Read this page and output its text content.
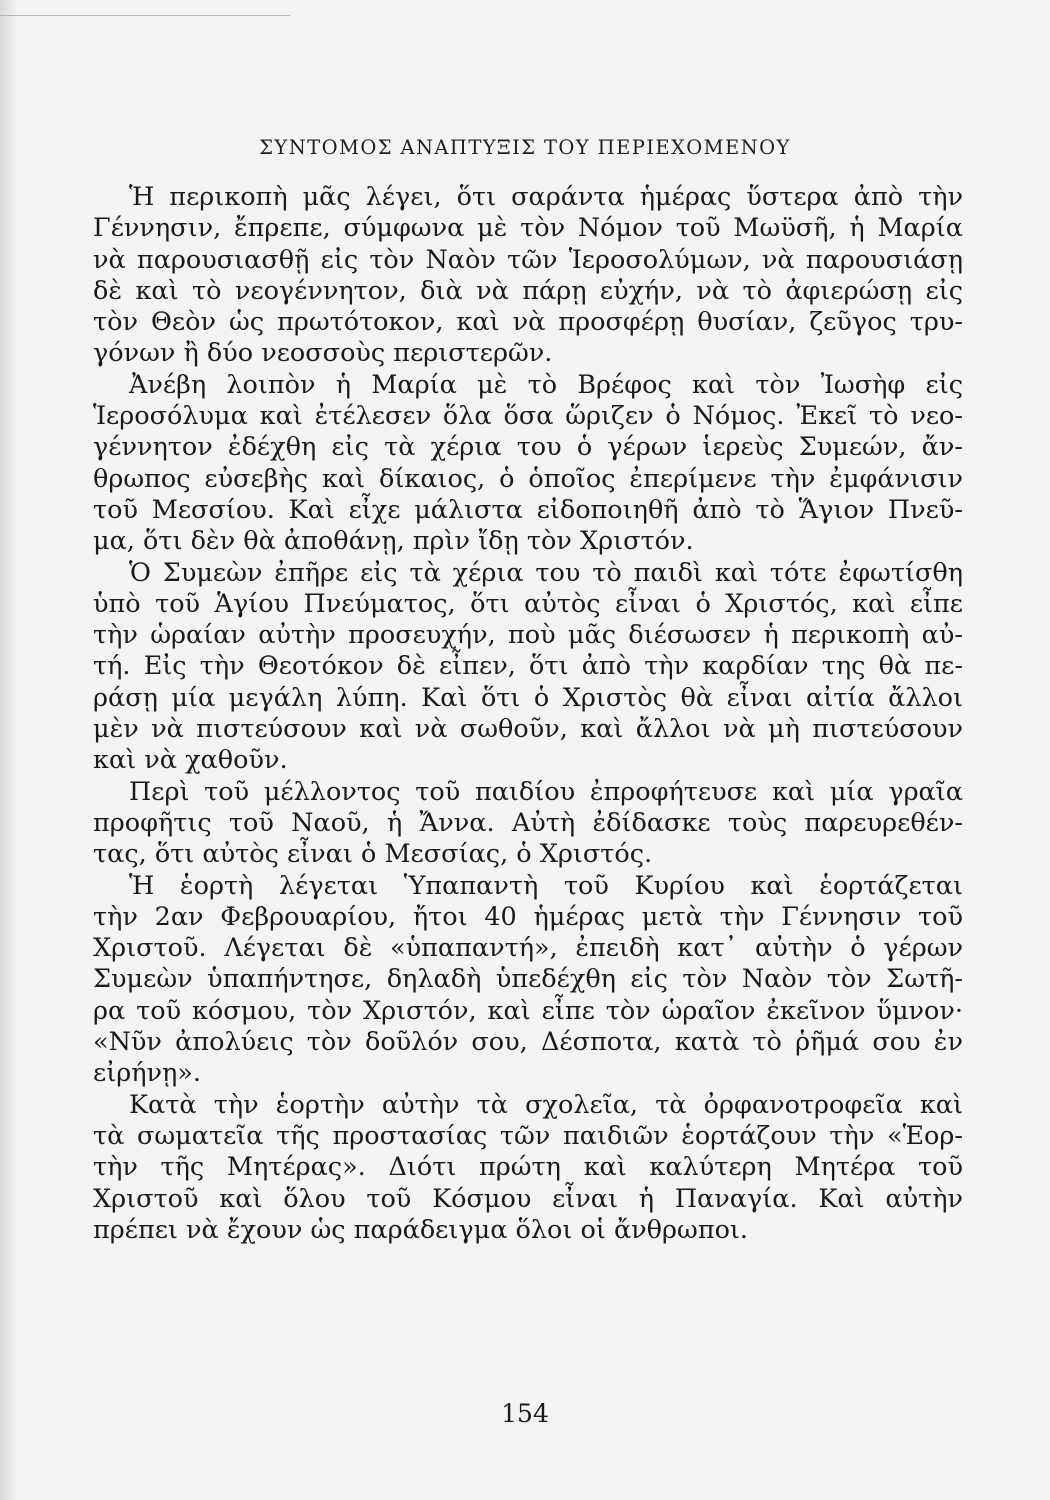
ΣΥΝΤΟΜΟΣ ΑΝΑΠΤΥΞΙΣ ΤΟΥ ΠΕΡΙΕΧΟΜΕΝΟΥ
Ἡ περικοπὴ μᾶς λέγει, ὅτι σαράντα ἡμέρας ὕστερα ἀπὸ τὴν
Γέννησιν, ἔπρεπε, σύμφωνα μὲ τὸν Νόμον τοῦ Μωϋσῆ, ἡ Μαρία
νὰ παρουσιασθῇ εἰς τὸν Ναὸν τῶν Ἱεροσολύμων, νὰ παρουσιάσῃ
δὲ καὶ τὸ νεογέννητον, διὰ νὰ πάρῃ εὐχήν, νὰ τὸ ἀφιερώσῃ εἰς
τὸν Θεὸν ὡς πρωτότοκον, καὶ νὰ προσφέρῃ θυσίαν, ζεῦγος τρυ-
γόνων ἢ δύο νεοσσοὺς περιστερῶν.
Ἀνέβη λοιπὸν ἡ Μαρία μὲ τὸ Βρέφος καὶ τὸν Ἰωσὴφ εἰς
Ἱεροσόλυμα καὶ ἐτέλεσεν ὅλα ὅσα ὥριζεν ὁ Νόμος. Ἐκεῖ τὸ νεο-
γέννητον ἐδέχθη εἰς τὰ χέρια του ὁ γέρων ἱερεὺς Συμεών, ἄν-
θρωπος εὐσεβὴς καὶ δίκαιος, ὁ ὁποῖος ἐπερίμενε τὴν ἐμφάνισιν
τοῦ Μεσσίου. Καὶ εἶχε μάλιστα εἰδοποιηθῆ ἀπὸ τὸ Ἅγιον Πνεῦ-
μα, ὅτι δὲν θὰ ἀποθάνῃ, πρὶν ἴδῃ τὸν Χριστόν.
Ὁ Συμεὼν ἐπῆρε εἰς τὰ χέρια του τὸ παιδὶ καὶ τότε ἐφωτίσθη
ὑπὸ τοῦ Ἁγίου Πνεύματος, ὅτι αὐτὸς εἶναι ὁ Χριστός, καὶ εἶπε
τὴν ὡραίαν αὐτὴν προσευχήν, ποὺ μᾶς διέσωσεν ἡ περικοπὴ αὐ-
τή. Εἰς τὴν Θεοτόκον δὲ εἶπεν, ὅτι ἀπὸ τὴν καρδίαν της θὰ πε-
ράσῃ μία μεγάλη λύπη. Καὶ ὅτι ὁ Χριστὸς θὰ εἶναι αἰτία ἄλλοι
μὲν νὰ πιστεύσουν καὶ νὰ σωθοῦν, καὶ ἄλλοι νὰ μὴ πιστεύσουν
καὶ νὰ χαθοῦν.
Περὶ τοῦ μέλλοντος τοῦ παιδίου ἐπροφήτευσε καὶ μία γραῖα
προφῆτις τοῦ Ναοῦ, ἡ Ἄννα. Αὐτὴ ἐδίδασκε τοὺς παρευρεθέν-
τας, ὅτι αὐτὸς εἶναι ὁ Μεσσίας, ὁ Χριστός.
Ἡ ἑορτὴ λέγεται Ὑπαπαντὴ τοῦ Κυρίου καὶ ἑορτάζεται
τὴν 2αν Φεβρουαρίου, ἤτοι 40 ἡμέρας μετὰ τὴν Γέννησιν τοῦ
Χριστοῦ. Λέγεται δὲ «ὑπαπαντή», ἐπειδὴ κατ᾽ αὐτὴν ὁ γέρων
Συμεὼν ὑπαπήντησε, δηλαδὴ ὑπεδέχθη εἰς τὸν Ναὸν τὸν Σωτῆ-
ρα τοῦ κόσμου, τὸν Χριστόν, καὶ εἶπε τὸν ὡραῖον ἐκεῖνον ὕμνον·
«Νῦν ἀπολύεις τὸν δοῦλόν σου, Δέσποτα, κατὰ τὸ ῥῆμά σου ἐν
εἰρήνῃ».
Κατὰ τὴν ἑορτὴν αὐτὴν τὰ σχολεῖα, τὰ ὀρφανοτροφεῖα καὶ
τὰ σωματεῖα τῆς προστασίας τῶν παιδιῶν ἑορτάζουν τὴν «Ἑορ-
τὴν τῆς Μητέρας». Διότι πρώτη καὶ καλύτερη Μητέρα τοῦ
Χριστοῦ καὶ ὅλου τοῦ Κόσμου εἶναι ἡ Παναγία. Καὶ αὐτὴν
πρέπει νὰ ἔχουν ὡς παράδειγμα ὅλοι οἱ ἄνθρωποι.
154
